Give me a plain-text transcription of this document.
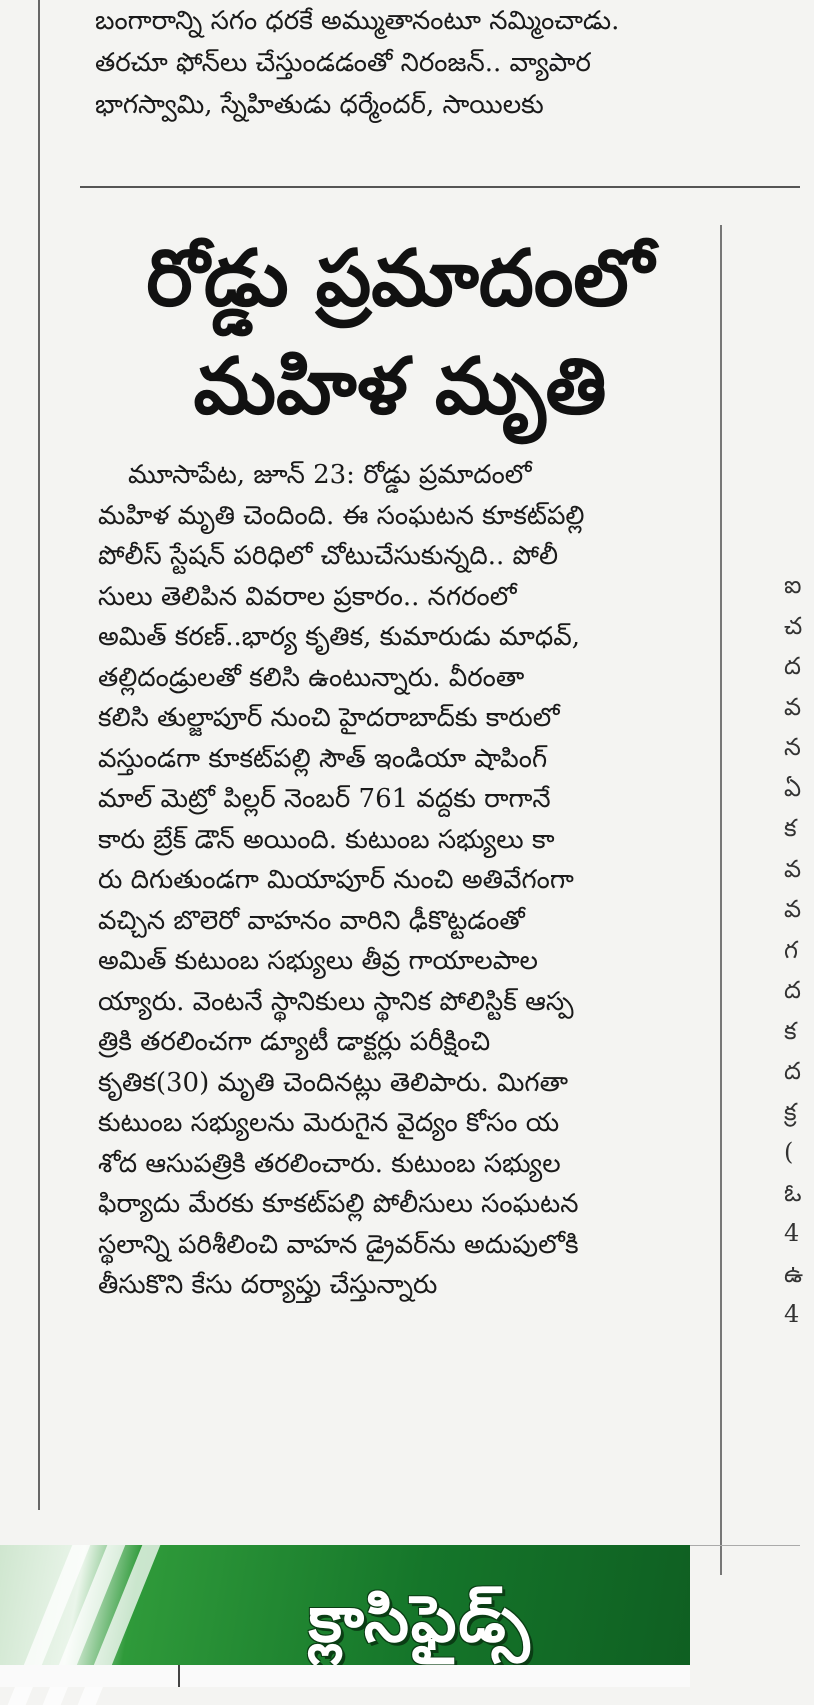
బంగారాన్ని సగం ధరకే అమ్ముతానంటూ నమ్మించాడు.
తరచూ ఫోన్‌లు చేస్తుండడంతో నిరంజన్.. వ్యాపార
భాగస్వామి, స్నేహితుడు ధర్మేందర్, సాయిలకు
రోడ్డు ప్రమాదంలో
మహిళ మృతి
మూసాపేట, జూన్ 23: రోడ్డు ప్రమాదంలో
మహిళ మృతి చెందింది. ఈ సంఘటన కూకట్‌పల్లి
పోలీస్ స్టేషన్ పరిధిలో చోటుచేసుకున్నది.. పోలీ
సులు తెలిపిన వివరాల ప్రకారం.. నగరంలో
అమిత్ కరణ్..భార్య కృతిక, కుమారుడు మాధవ్,
తల్లిదండ్రులతో కలిసి ఉంటున్నారు. వీరంతా
కలిసి తుల్జాపూర్ నుంచి హైదరాబాద్‌కు కారులో
వస్తుండగా కూకట్‌పల్లి సౌత్ ఇండియా షాపింగ్
మాల్ మెట్రో పిల్లర్ నెంబర్ 761 వద్దకు రాగానే
కారు బ్రేక్ డౌన్ అయింది. కుటుంబ సభ్యులు కా
రు దిగుతుండగా మియాపూర్ నుంచి అతివేగంగా
వచ్చిన బొలెరో వాహనం వారిని ఢీకొట్టడంతో
అమిత్ కుటుంబ సభ్యులు తీవ్ర గాయాలపాల
య్యారు. వెంటనే స్థానికులు స్థానిక పోలిస్టిక్ ఆస్ప
త్రికి తరలించగా డ్యూటీ డాక్టర్లు పరీక్షించి
కృతిక(30) మృతి చెందినట్లు తెలిపారు. మిగతా
కుటుంబ సభ్యులను మెరుగైన వైద్యం కోసం య
శోద ఆసుపత్రికి తరలించారు. కుటుంబ సభ్యుల
ఫిర్యాదు మేరకు కూకట్‌పల్లి పోలీసులు సంఘటన
స్థలాన్ని పరిశీలించి వాహన డ్రైవర్‌ను అదుపులోకి
తీసుకొని కేసు దర్యాప్తు చేస్తున్నారు
ఐ
చ
ద
వ
న
ఏ
క
వ
వ
గ
ద
క
ద
క్ర
(
ఓ
4
ఉ
4
క్లాసిఫైడ్స్
